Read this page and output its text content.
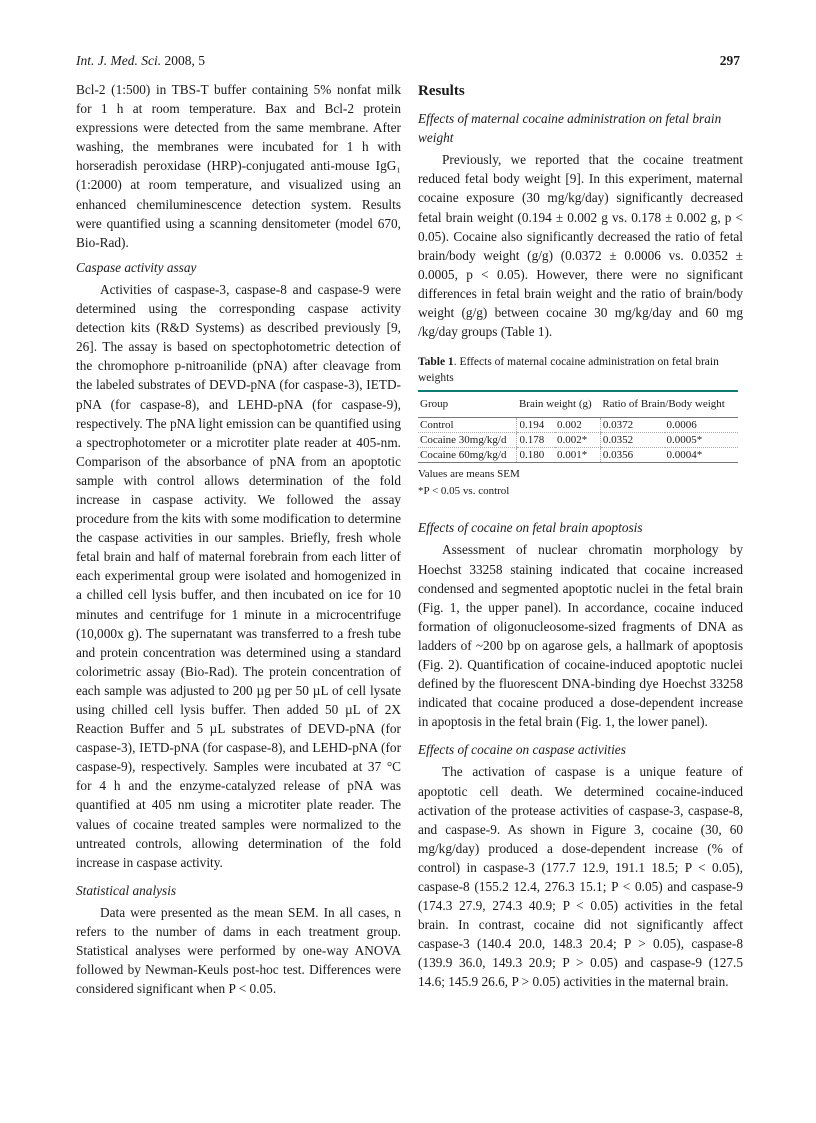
Int. J. Med. Sci. 2008, 5	297

Bcl-2 (1:500) in TBS-T buffer containing 5% nonfat milk for 1 h at room temperature. Bax and Bcl-2 protein expressions were detected from the same membrane. After washing, the membranes were incubated for 1 h with horseradish peroxidase (HRP)-conjugated anti-mouse IgG₁ (1:2000) at room temperature, and visualized using an enhanced chemiluminescence detection system. Results were quantified using a scanning densitometer (model 670, Bio-Rad).

Caspase activity assay

Activities of caspase-3, caspase-8 and caspase-9 were determined using the corresponding caspase activity detection kits (R&D Systems) as described previously [9, 26]. The assay is based on spectophotometric detection of the chromophore p-nitroanilide (pNA) after cleavage from the labeled substrates of DEVD-pNA (for caspase-3), IETD-pNA (for caspase-8), and LEHD-pNA (for caspase-9), respectively. The pNA light emission can be quantified using a spectrophotometer or a microtiter plate reader at 405-nm. Comparison of the absorbance of pNA from an apoptotic sample with control allows determination of the fold increase in caspase activity. We followed the assay procedure from the kits with some modification to determine the caspase activities in our samples. Briefly, fresh whole fetal brain and half of maternal forebrain from each litter of each experimental group were isolated and homogenized in a chilled cell lysis buffer, and then incubated on ice for 10 minutes and centrifuge for 1 minute in a microcentrifuge (10,000x g). The supernatant was transferred to a fresh tube and protein concentration was determined using a standard colorimetric assay (Bio-Rad). The protein concentration of each sample was adjusted to 200 µg per 50 µL of cell lysate using chilled cell lysis buffer. Then added 50 µL of 2X Reaction Buffer and 5 µL substrates of DEVD-pNA (for caspase-3), IETD-pNA (for caspase-8), and LEHD-pNA (for caspase-9), respectively. Samples were incubated at 37 °C for 4 h and the enzyme-catalyzed release of pNA was quantified at 405 nm using a microtiter plate reader. The values of cocaine treated samples were normalized to the untreated controls, allowing determination of the fold increase in caspase activity.

Statistical analysis

Data were presented as the mean SEM. In all cases, n refers to the number of dams in each treatment group. Statistical analyses were performed by one-way ANOVA followed by Newman-Keuls post-hoc test. Differences were considered significant when P < 0.05.

Results
Effects of maternal cocaine administration on fetal brain weight

Previously, we reported that the cocaine treatment reduced fetal body weight [9]. In this experiment, maternal cocaine exposure (30 mg/kg/day) significantly decreased fetal brain weight (0.194 ± 0.002 g vs. 0.178 ± 0.002 g, p < 0.05). Cocaine also significantly decreased the ratio of fetal brain/body weight (g/g) (0.0372 ± 0.0006 vs. 0.0352 ± 0.0005, p < 0.05). However, there were no significant differences in fetal brain weight and the ratio of brain/body weight (g/g) between cocaine 30 mg/kg/day and 60 mg /kg/day groups (Table 1).

Table 1. Effects of maternal cocaine administration on fetal brain weights
Group	Brain weight (g)		Ratio of Brain/Body weight	
Control	0.194	0.002	0.0372	0.0006
Cocaine 30mg/kg/d	0.178	0.002*	0.0352	0.0005*
Cocaine 60mg/kg/d	0.180	0.001*	0.0356	0.0004*
Values are means SEM
*P < 0.05 vs. control
Effects of cocaine on fetal brain apoptosis

Assessment of nuclear chromatin morphology by Hoechst 33258 staining indicated that cocaine increased condensed and segmented apoptotic nuclei in the fetal brain (Fig. 1, the upper panel). In accordance, cocaine induced formation of oligonucleosome-sized fragments of DNA as ladders of ~200 bp on agarose gels, a hallmark of apoptosis (Fig. 2). Quantification of cocaine-induced apoptotic nuclei defined by the fluorescent DNA-binding dye Hoechst 33258 indicated that cocaine produced a dose-dependent increase in apoptosis in the fetal brain (Fig. 1, the lower panel).

Effects of cocaine on caspase activities

The activation of caspase is a unique feature of apoptotic cell death. We determined cocaine-induced activation of the protease activities of caspase-3, caspase-8, and caspase-9. As shown in Figure 3, cocaine (30, 60 mg/kg/day) produced a dose-dependent increase (% of control) in caspase-3 (177.7 12.9, 191.1 18.5; P < 0.05), caspase-8 (155.2 12.4, 276.3 15.1; P < 0.05) and caspase-9 (174.3 27.9, 274.3 40.9; P < 0.05) activities in the fetal brain. In contrast, cocaine did not significantly affect caspase-3 (140.4 20.0, 148.3 20.4; P > 0.05), caspase-8 (139.9 36.0, 149.3 20.9; P > 0.05) and caspase-9 (127.5 14.6; 145.9 26.6, P > 0.05) activities in the maternal brain.
